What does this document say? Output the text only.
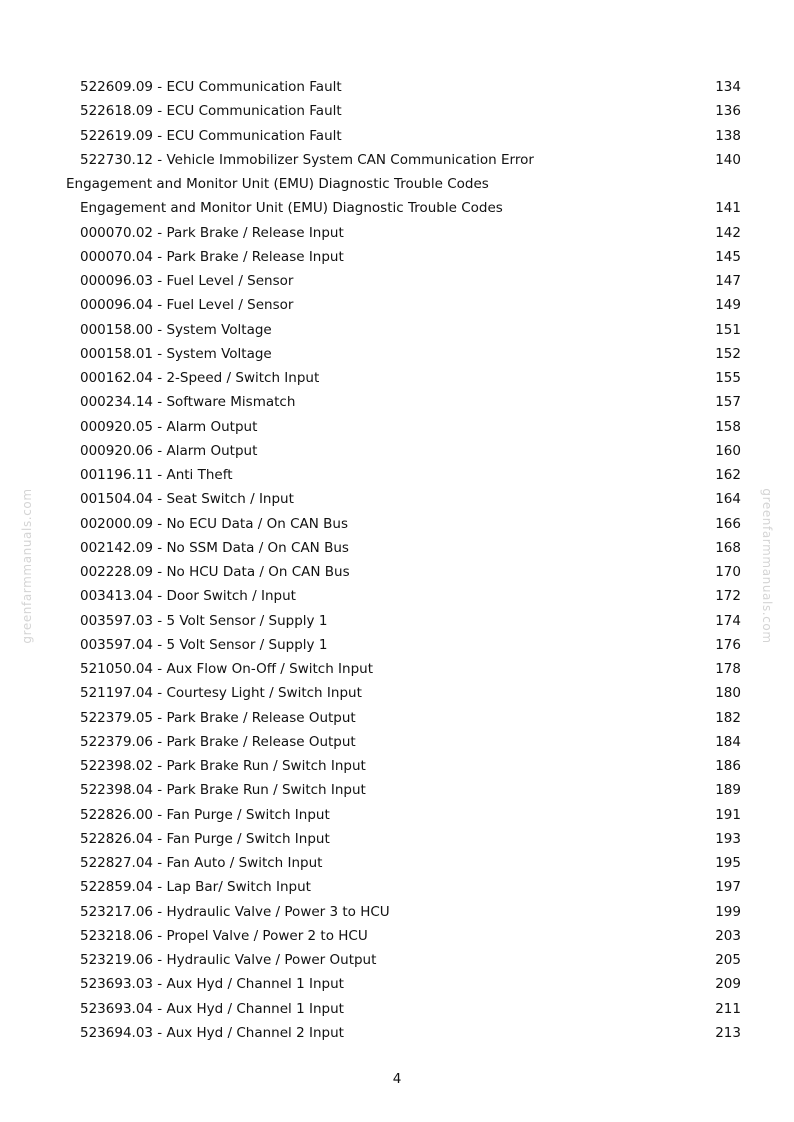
522609.09 - ECU Communication Fault	134
522618.09 - ECU Communication Fault	136
522619.09 - ECU Communication Fault	138
522730.12 - Vehicle Immobilizer System CAN Communication Error	140
Engagement and Monitor Unit (EMU) Diagnostic Trouble Codes
Engagement and Monitor Unit (EMU) Diagnostic Trouble Codes	141
000070.02 - Park Brake / Release Input	142
000070.04 - Park Brake / Release Input	145
000096.03 - Fuel Level / Sensor	147
000096.04 - Fuel Level / Sensor	149
000158.00 - System Voltage	151
000158.01 - System Voltage	152
000162.04 - 2-Speed / Switch Input	155
000234.14 - Software Mismatch	157
000920.05 - Alarm Output	158
000920.06 - Alarm Output	160
001196.11 - Anti Theft	162
001504.04 - Seat Switch / Input	164
002000.09 - No ECU Data / On CAN Bus	166
002142.09 - No SSM Data / On CAN Bus	168
002228.09 - No HCU Data / On CAN Bus	170
003413.04 - Door Switch / Input	172
003597.03 - 5 Volt Sensor / Supply 1	174
003597.04 - 5 Volt Sensor / Supply 1	176
521050.04 - Aux Flow On-Off / Switch Input	178
521197.04 - Courtesy Light / Switch Input	180
522379.05 - Park Brake / Release Output	182
522379.06 - Park Brake / Release Output	184
522398.02 - Park Brake Run / Switch Input	186
522398.04 - Park Brake Run / Switch Input	189
522826.00 - Fan Purge / Switch Input	191
522826.04 - Fan Purge / Switch Input	193
522827.04 - Fan Auto / Switch Input	195
522859.04 - Lap Bar/ Switch Input	197
523217.06 - Hydraulic Valve / Power 3 to HCU	199
523218.06 - Propel Valve / Power 2 to HCU	203
523219.06 - Hydraulic Valve / Power Output	205
523693.03 - Aux Hyd / Channel 1 Input	209
523693.04 - Aux Hyd / Channel 1 Input	211
523694.03 - Aux Hyd / Channel 2 Input	213
4
greenfarmmanuals.com	greenfarmmanuals.com
